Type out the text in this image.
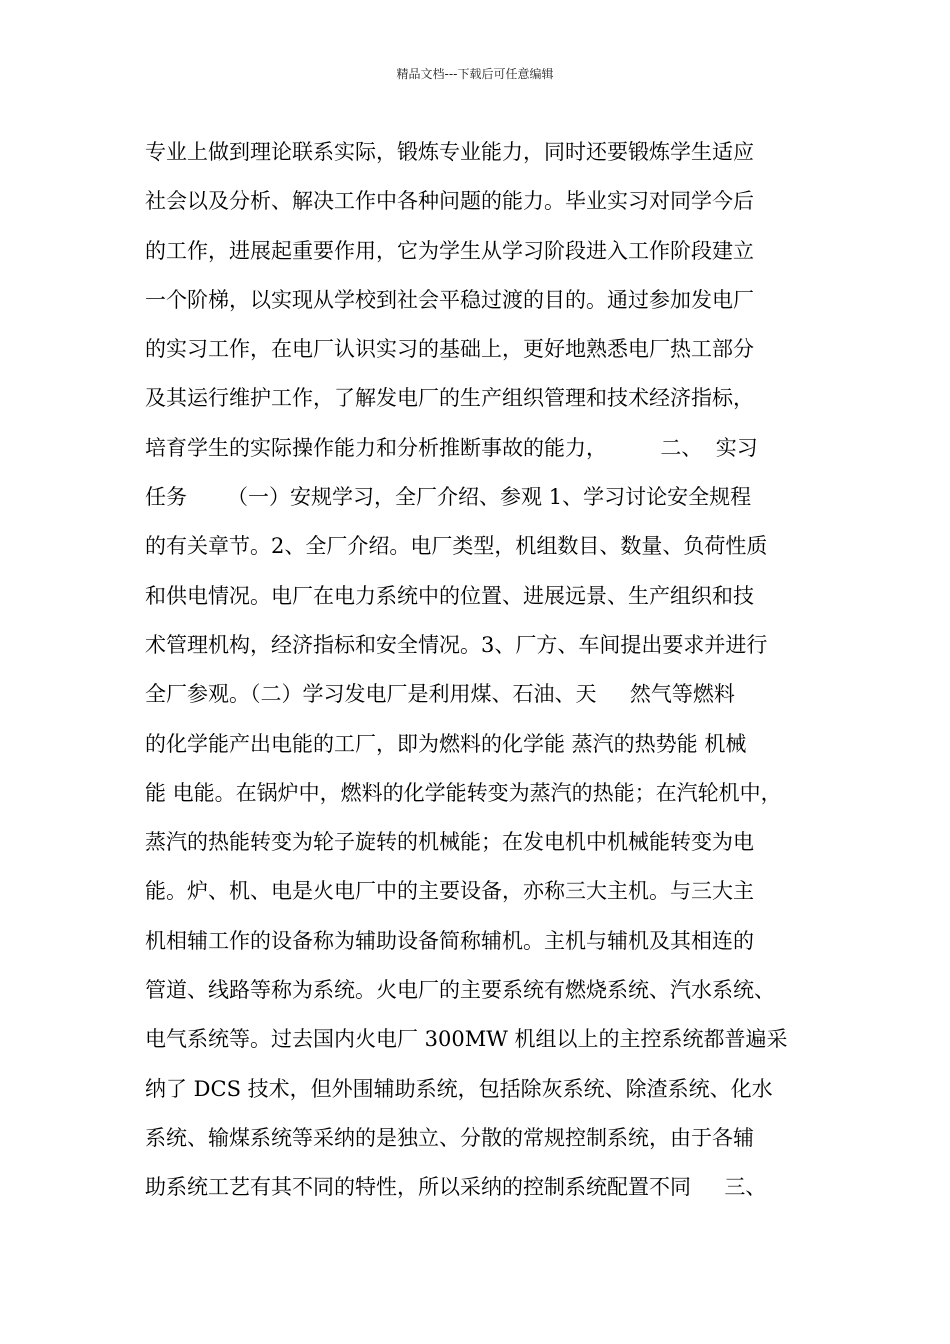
精品文档---下载后可任意编辑
专业上做到理论联系实际，锻炼专业能力，同时还要锻炼学生适应
社会以及分析、解决工作中各种问题的能力。毕业实习对同学今后
的工作，进展起重要作用，它为学生从学习阶段进入工作阶段建立
一个阶梯，以实现从学校到社会平稳过渡的目的。通过参加发电厂
的实习工作，在电厂认识实习的基础上，更好地熟悉电厂热工部分
及其运行维护工作，了解发电厂的生产组织管理和技术经济指标，
培育学生的实际操作能力和分析推断事故的能力，        二、  实习
任务      （一）安规学习，全厂介绍、参观 1、学习讨论安全规程
的有关章节。2、全厂介绍。电厂类型，机组数目、数量、负荷性质
和供电情况。电厂在电力系统中的位置、进展远景、生产组织和技
术管理机构，经济指标和安全情况。3、厂方、车间提出要求并进行
全厂参观。（二）学习发电厂是利用煤、石油、天     然气等燃料
的化学能产出电能的工厂，即为燃料的化学能 蒸汽的热势能 机械
能 电能。在锅炉中，燃料的化学能转变为蒸汽的热能；在汽轮机中，
蒸汽的热能转变为轮子旋转的机械能；在发电机中机械能转变为电
能。炉、机、电是火电厂中的主要设备，亦称三大主机。与三大主
机相辅工作的设备称为辅助设备简称辅机。主机与辅机及其相连的
管道、线路等称为系统。火电厂的主要系统有燃烧系统、汽水系统、
电气系统等。过去国内火电厂 300MW 机组以上的主控系统都普遍采
纳了 DCS 技术，但外围辅助系统，包括除灰系统、除渣系统、化水
系统、输煤系统等采纳的是独立、分散的常规控制系统，由于各辅
助系统工艺有其不同的特性，所以采纳的控制系统配置不同     三、
